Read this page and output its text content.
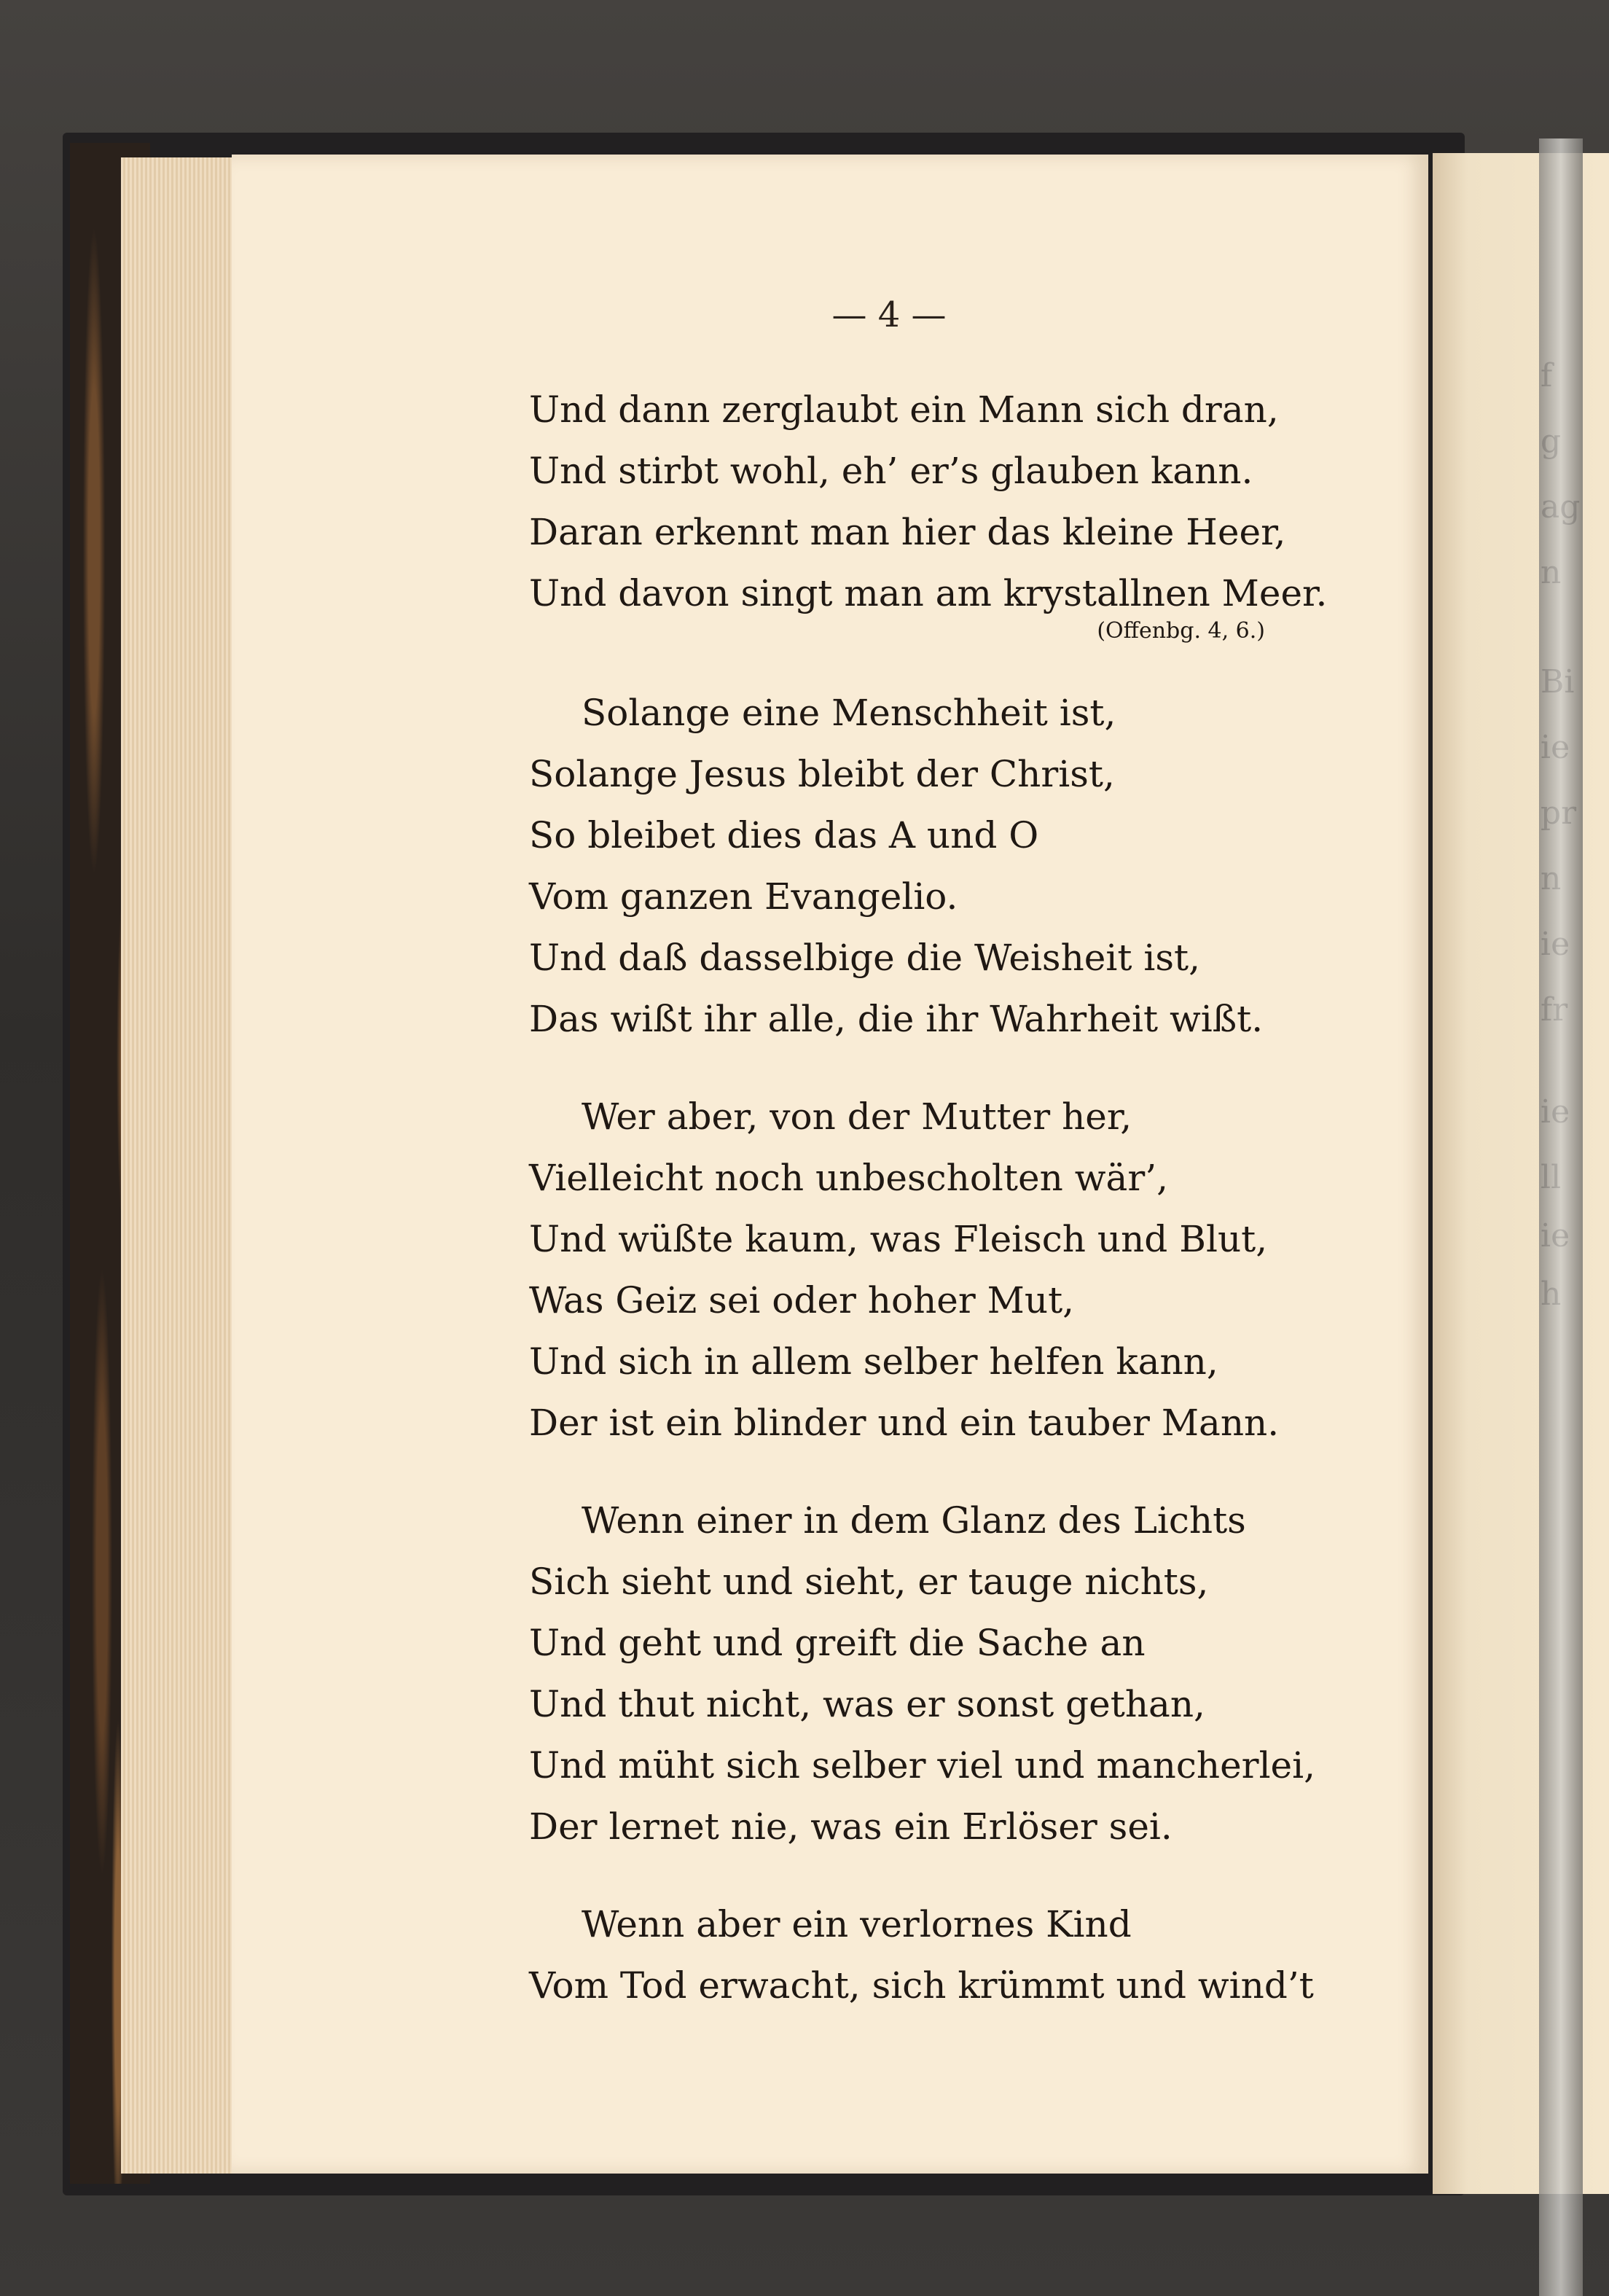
— 4 —
Und dann zerglaubt ein Mann sich dran,
Und stirbt wohl, eh’ er’s glauben kann.
Daran erkennt man hier das kleine Heer,
Und davon singt man am krystallnen Meer.
(Offenbg. 4, 6.)
Solange eine Menschheit ist,
Solange Jesus bleibt der Christ,
So bleibet dies das A und O
Vom ganzen Evangelio.
Und daß dasselbige die Weisheit ist,
Das wißt ihr alle, die ihr Wahrheit wißt.
Wer aber, von der Mutter her,
Vielleicht noch unbescholten wär’,
Und wüßte kaum, was Fleisch und Blut,
Was Geiz sei oder hoher Mut,
Und sich in allem selber helfen kann,
Der ist ein blinder und ein tauber Mann.
Wenn einer in dem Glanz des Lichts
Sich sieht und sieht, er tauge nichts,
Und geht und greift die Sache an
Und thut nicht, was er sonst gethan,
Und müht sich selber viel und mancherlei,
Der lernet nie, was ein Erlöser sei.
Wenn aber ein verlornes Kind
Vom Tod erwacht, sich krümmt und wind’t
